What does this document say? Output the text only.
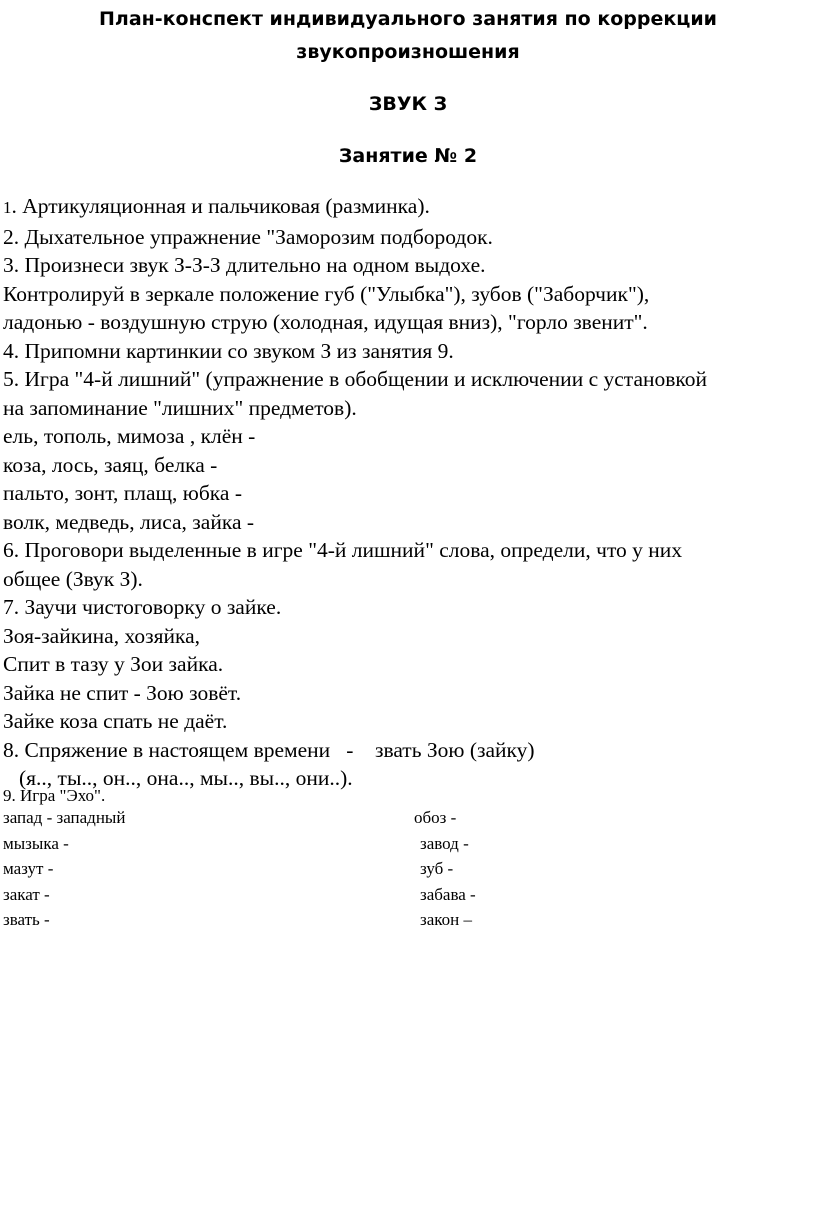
План-конспект индивидуального занятия по коррекции
звукопроизношения
ЗВУК З
Занятие № 2
1. Артикуляционная и пальчиковая (разминка).
2. Дыхательное упражнение "Заморозим подбородок.
3. Произнеси звук З-З-З длительно на одном выдохе.
Контролируй в зеркале положение губ ("Улыбка"), зубов ("Заборчик"),
ладонью - воздушную струю (холодная, идущая вниз), "горло звенит".
4. Припомни картинкии со звуком З из занятия 9.
5. Игра "4-й лишний" (упражнение в обобщении и исключении с установкой
на запоминание "лишних" предметов).
ель, тополь, мимоза , клён -
коза, лось, заяц, белка -
пальто, зонт, плащ, юбка -
волк, медведь, лиса, зайка -
6. Проговори выделенные в игре "4-й лишний" слова, определи, что у них
общее (Звук З).
7. Заучи чистоговорку о зайке.
Зоя-зайкина, хозяйка,
Спит в тазу у Зои зайка.
Зайка не спит - Зою зовёт.
Зайке коза спать не даёт.
8. Спряжение в настоящем времени   -    звать Зою (зайку)
(я.., ты.., он.., она.., мы.., вы.., они..).
9. Игра "Эхо".
запад - западный	обоз -
мызыка -	завод -
мазут -	зуб -
закат -	забава -
звать -	закон –
